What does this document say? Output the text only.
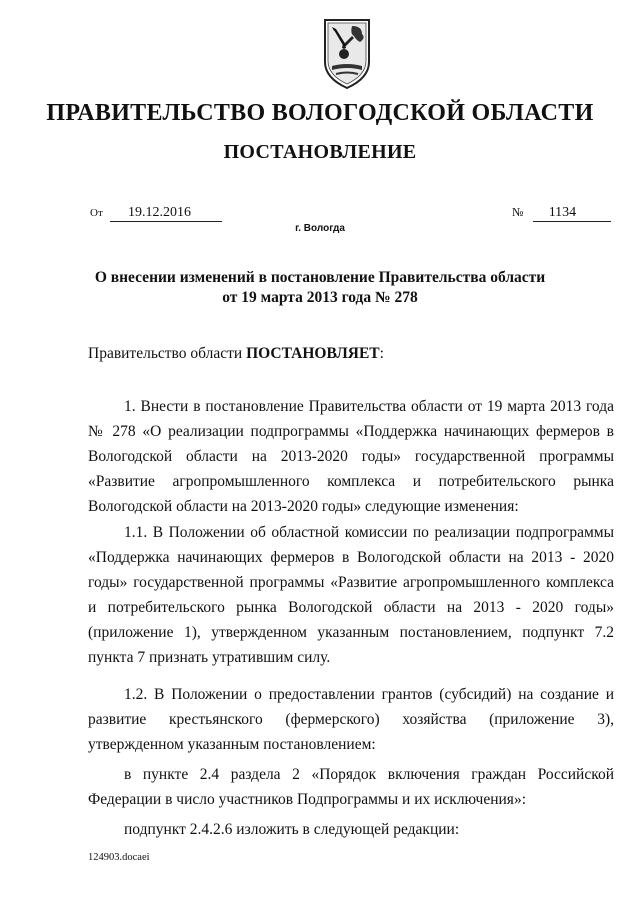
ПРАВИТЕЛЬСТВО ВОЛОГОДСКОЙ ОБЛАСТИ
ПОСТАНОВЛЕНИЕ
От 19.12.2016	№ 1134
г. Вологда
О внесении изменений в постановление Правительства области
от 19 марта 2013 года № 278
Правительство области ПОСТАНОВЛЯЕТ:
1. Внести в постановление Правительства области от 19 марта 2013 года № 278 «О реализации подпрограммы «Поддержка начинающих фермеров в Вологодской области на 2013-2020 годы» государственной программы «Развитие агропромышленного комплекса и потребительского рынка Вологодской области на 2013-2020 годы» следующие изменения:
1.1. В Положении об областной комиссии по реализации подпрограммы «Поддержка начинающих фермеров в Вологодской области на 2013 - 2020 годы» государственной программы «Развитие агропромышленного комплекса и потребительского рынка Вологодской области на 2013 - 2020 годы» (приложение 1), утвержденном указанным постановлением, подпункт 7.2 пункта 7 признать утратившим силу.
1.2. В Положении о предоставлении грантов (субсидий) на создание и развитие крестьянского (фермерского) хозяйства (приложение 3), утвержденном указанным постановлением:
в пункте 2.4 раздела 2 «Порядок включения граждан Российской Федерации в число участников Подпрограммы и их исключения»:
подпункт 2.4.2.6 изложить в следующей редакции:
124903.docaei
